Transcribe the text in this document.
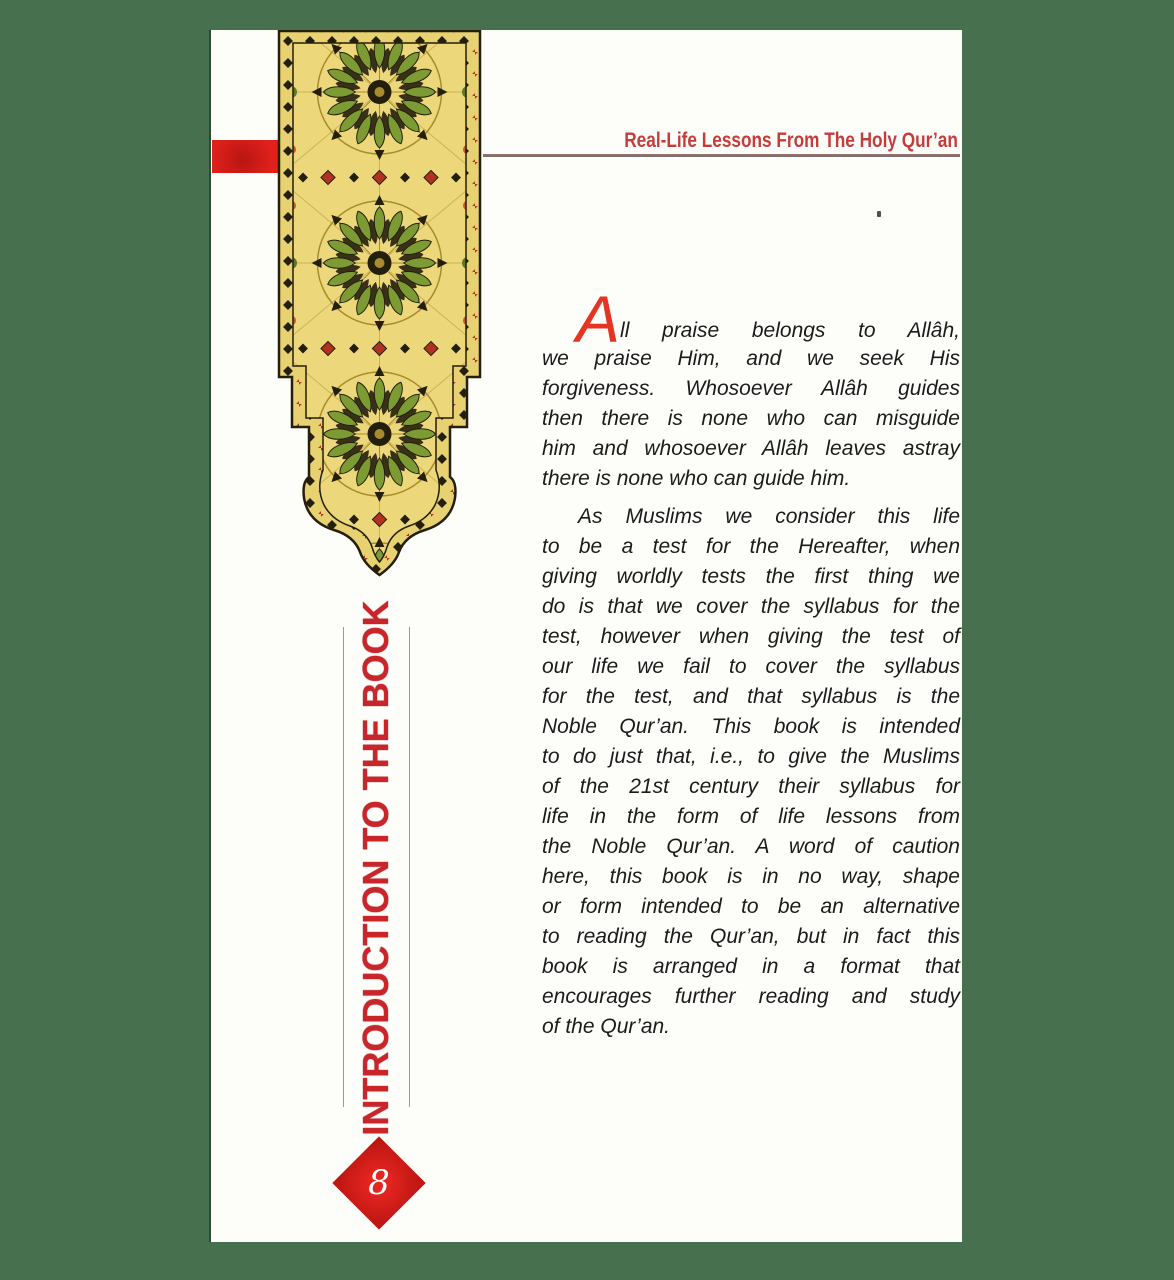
Real-Life Lessons From The Holy Qur’an
INTRODUCTION TO THE BOOK
All praise belongs to Allâh,
we praise Him, and we seek His
forgiveness. Whosoever Allâh guides
then there is none who can misguide
him and whosoever Allâh leaves astray
there is none who can guide him.
As Muslims we consider this life
to be a test for the Hereafter, when
giving worldly tests the first thing we
do is that we cover the syllabus for the
test, however when giving the test of
our life we fail to cover the syllabus
for the test, and that syllabus is the
Noble Qur’an. This book is intended
to do just that, i.e., to give the Muslims
of the 21st century their syllabus for
life in the form of life lessons from
the Noble Qur’an. A word of caution
here, this book is in no way, shape
or form intended to be an alternative
to reading the Qur’an, but in fact this
book is arranged in a format that
encourages further reading and study
of the Qur’an.
8
